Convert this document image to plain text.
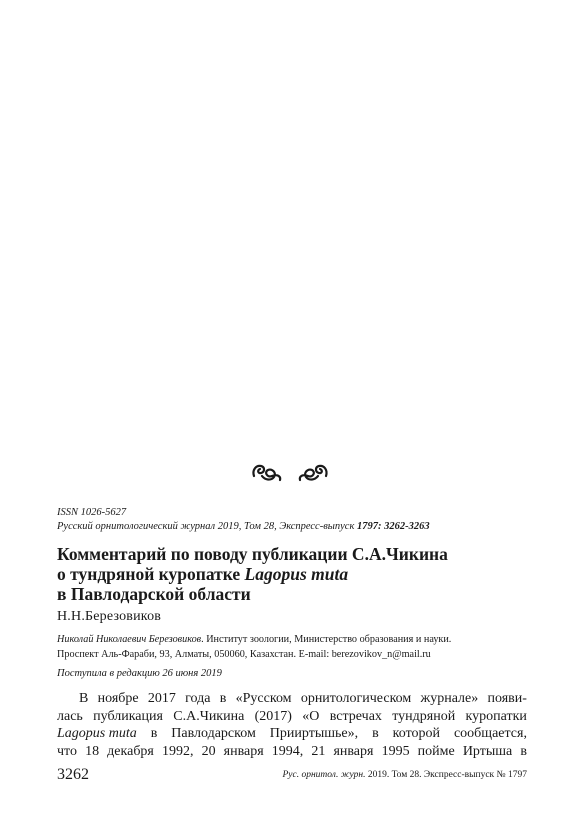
ISSN 1026-5627
Русский орнитологический журнал 2019, Том 28, Экспресс-выпуск 1797: 3262-3263
Комментарий по поводу публикации С.А.Чикина
о тундряной куропатке Lagopus muta
в Павлодарской области
Н.Н.Березовиков
Николай Николаевич Березовиков. Институт зоологии, Министерство образования и науки.
Проспект Аль-Фараби, 93, Алматы, 050060, Казахстан. E-mail: berezovikov_n@mail.ru
Поступила в редакцию 26 июня 2019
В ноябре 2017 года в «Русском орнитологическом журнале» появи-
лась публикация С.А.Чикина (2017) «О встречах тундряной куропатки
Lagopus muta в Павлодарском Прииртышье», в которой сообщается,
что 18 декабря 1992, 20 января 1994, 21 января 1995 пойме Иртыша в
3262	Рус. орнитол. журн. 2019. Том 28. Экспресс-выпуск № 1797
